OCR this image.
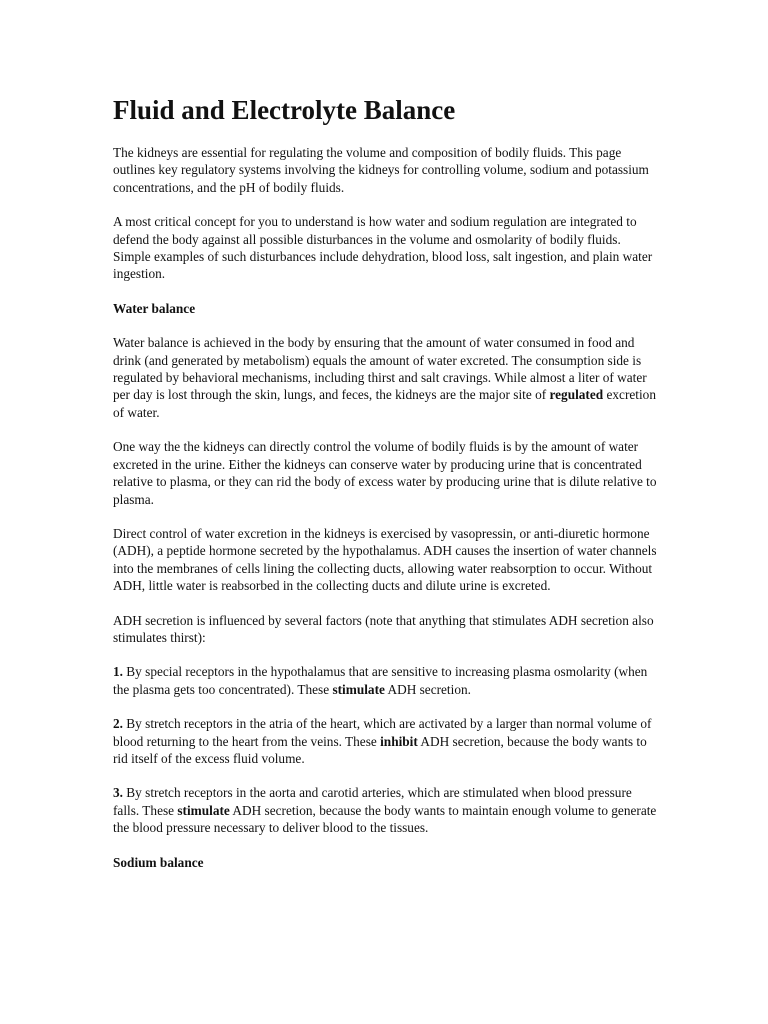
Fluid and Electrolyte Balance

The kidneys are essential for regulating the volume and composition of bodily fluids. This page outlines key regulatory systems involving the kidneys for controlling volume, sodium and potassium concentrations, and the pH of bodily fluids.

A most critical concept for you to understand is how water and sodium regulation are integrated to defend the body against all possible disturbances in the volume and osmolarity of bodily fluids. Simple examples of such disturbances include dehydration, blood loss, salt ingestion, and plain water ingestion.

Water balance

Water balance is achieved in the body by ensuring that the amount of water consumed in food and drink (and generated by metabolism) equals the amount of water excreted. The consumption side is regulated by behavioral mechanisms, including thirst and salt cravings. While almost a liter of water per day is lost through the skin, lungs, and feces, the kidneys are the major site of regulated excretion of water.

One way the the kidneys can directly control the volume of bodily fluids is by the amount of water excreted in the urine. Either the kidneys can conserve water by producing urine that is concentrated relative to plasma, or they can rid the body of excess water by producing urine that is dilute relative to plasma.

Direct control of water excretion in the kidneys is exercised by vasopressin, or anti-diuretic hormone (ADH), a peptide hormone secreted by the hypothalamus. ADH causes the insertion of water channels into the membranes of cells lining the collecting ducts, allowing water reabsorption to occur. Without ADH, little water is reabsorbed in the collecting ducts and dilute urine is excreted.

ADH secretion is influenced by several factors (note that anything that stimulates ADH secretion also stimulates thirst):

1. By special receptors in the hypothalamus that are sensitive to increasing plasma osmolarity (when the plasma gets too concentrated). These stimulate ADH secretion.

2. By stretch receptors in the atria of the heart, which are activated by a larger than normal volume of blood returning to the heart from the veins. These inhibit ADH secretion, because the body wants to rid itself of the excess fluid volume.

3. By stretch receptors in the aorta and carotid arteries, which are stimulated when blood pressure falls. These stimulate ADH secretion, because the body wants to maintain enough volume to generate the blood pressure necessary to deliver blood to the tissues.

Sodium balance
